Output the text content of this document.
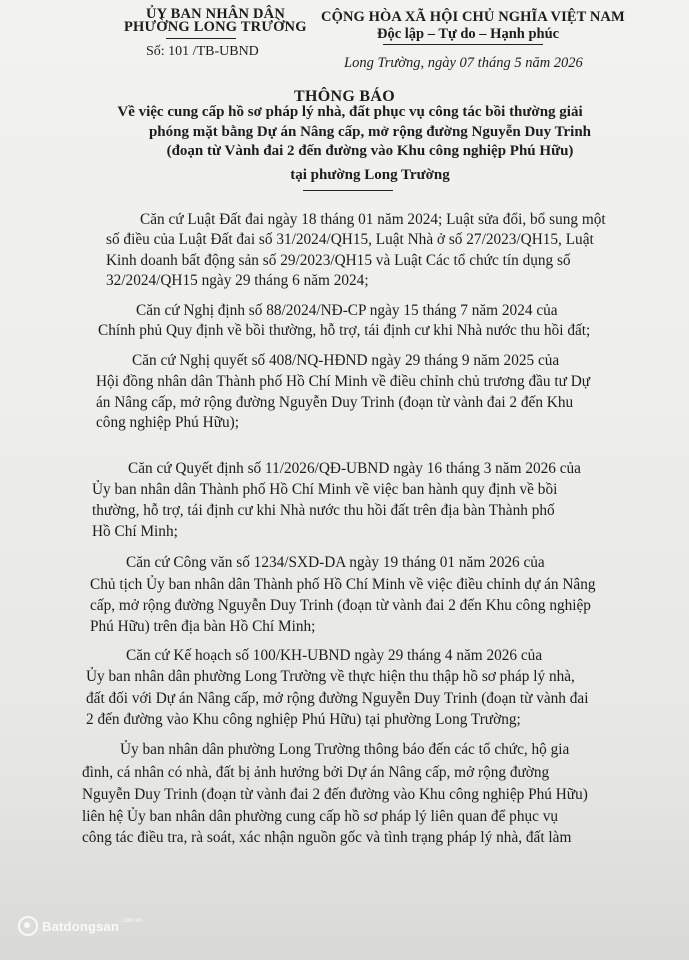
ỦY BAN NHÂN DÂN
PHƯỜNG LONG TRƯỜNG
Số: 101 /TB-UBND
CỘNG HÒA XÃ HỘI CHỦ NGHĨA VIỆT NAM
Độc lập – Tự do – Hạnh phúc
Long Trường, ngày 07 tháng 5 năm 2026
THÔNG BÁO
Về việc cung cấp hồ sơ pháp lý nhà, đất phục vụ công tác bồi thường giải
phóng mặt bằng Dự án Nâng cấp, mở rộng đường Nguyễn Duy Trinh
(đoạn từ Vành đai 2 đến đường vào Khu công nghiệp Phú Hữu)
tại phường Long Trường
Căn cứ Luật Đất đai ngày 18 tháng 01 năm 2024; Luật sửa đổi, bổ sung một
số điều của Luật Đất đai số 31/2024/QH15, Luật Nhà ở số 27/2023/QH15, Luật
Kinh doanh bất động sản số 29/2023/QH15 và Luật Các tổ chức tín dụng số
32/2024/QH15 ngày 29 tháng 6 năm 2024;
Căn cứ Nghị định số 88/2024/NĐ-CP ngày 15 tháng 7 năm 2024 của
Chính phủ Quy định về bồi thường, hỗ trợ, tái định cư khi Nhà nước thu hồi đất;
Căn cứ Nghị quyết số 408/NQ-HĐND ngày 29 tháng 9 năm 2025 của
Hội đồng nhân dân Thành phố Hồ Chí Minh về điều chỉnh chủ trương đầu tư Dự
án Nâng cấp, mở rộng đường Nguyễn Duy Trinh (đoạn từ vành đai 2 đến Khu
công nghiệp Phú Hữu);
Căn cứ Quyết định số 11/2026/QĐ-UBND ngày 16 tháng 3 năm 2026 của
Ủy ban nhân dân Thành phố Hồ Chí Minh về việc ban hành quy định về bồi
thường, hỗ trợ, tái định cư khi Nhà nước thu hồi đất trên địa bàn Thành phố
Hồ Chí Minh;
Căn cứ Công văn số 1234/SXD-DA ngày 19 tháng 01 năm 2026 của
Chủ tịch Ủy ban nhân dân Thành phố Hồ Chí Minh về việc điều chỉnh dự án Nâng
cấp, mở rộng đường Nguyễn Duy Trinh (đoạn từ vành đai 2 đến Khu công nghiệp
Phú Hữu) trên địa bàn Hồ Chí Minh;
Căn cứ Kế hoạch số 100/KH-UBND ngày 29 tháng 4 năm 2026 của
Ủy ban nhân dân phường Long Trường về thực hiện thu thập hồ sơ pháp lý nhà,
đất đối với Dự án Nâng cấp, mở rộng đường Nguyễn Duy Trinh (đoạn từ vành đai
2 đến đường vào Khu công nghiệp Phú Hữu) tại phường Long Trường;
Ủy ban nhân dân phường Long Trường thông báo đến các tổ chức, hộ gia
đình, cá nhân có nhà, đất bị ảnh hưởng bởi Dự án Nâng cấp, mở rộng đường
Nguyễn Duy Trinh (đoạn từ vành đai 2 đến đường vào Khu công nghiệp Phú Hữu)
liên hệ Ủy ban nhân dân phường cung cấp hồ sơ pháp lý liên quan để phục vụ
công tác điều tra, rà soát, xác nhận nguồn gốc và tình trạng pháp lý nhà, đất làm
Batdongsan .com.vn
